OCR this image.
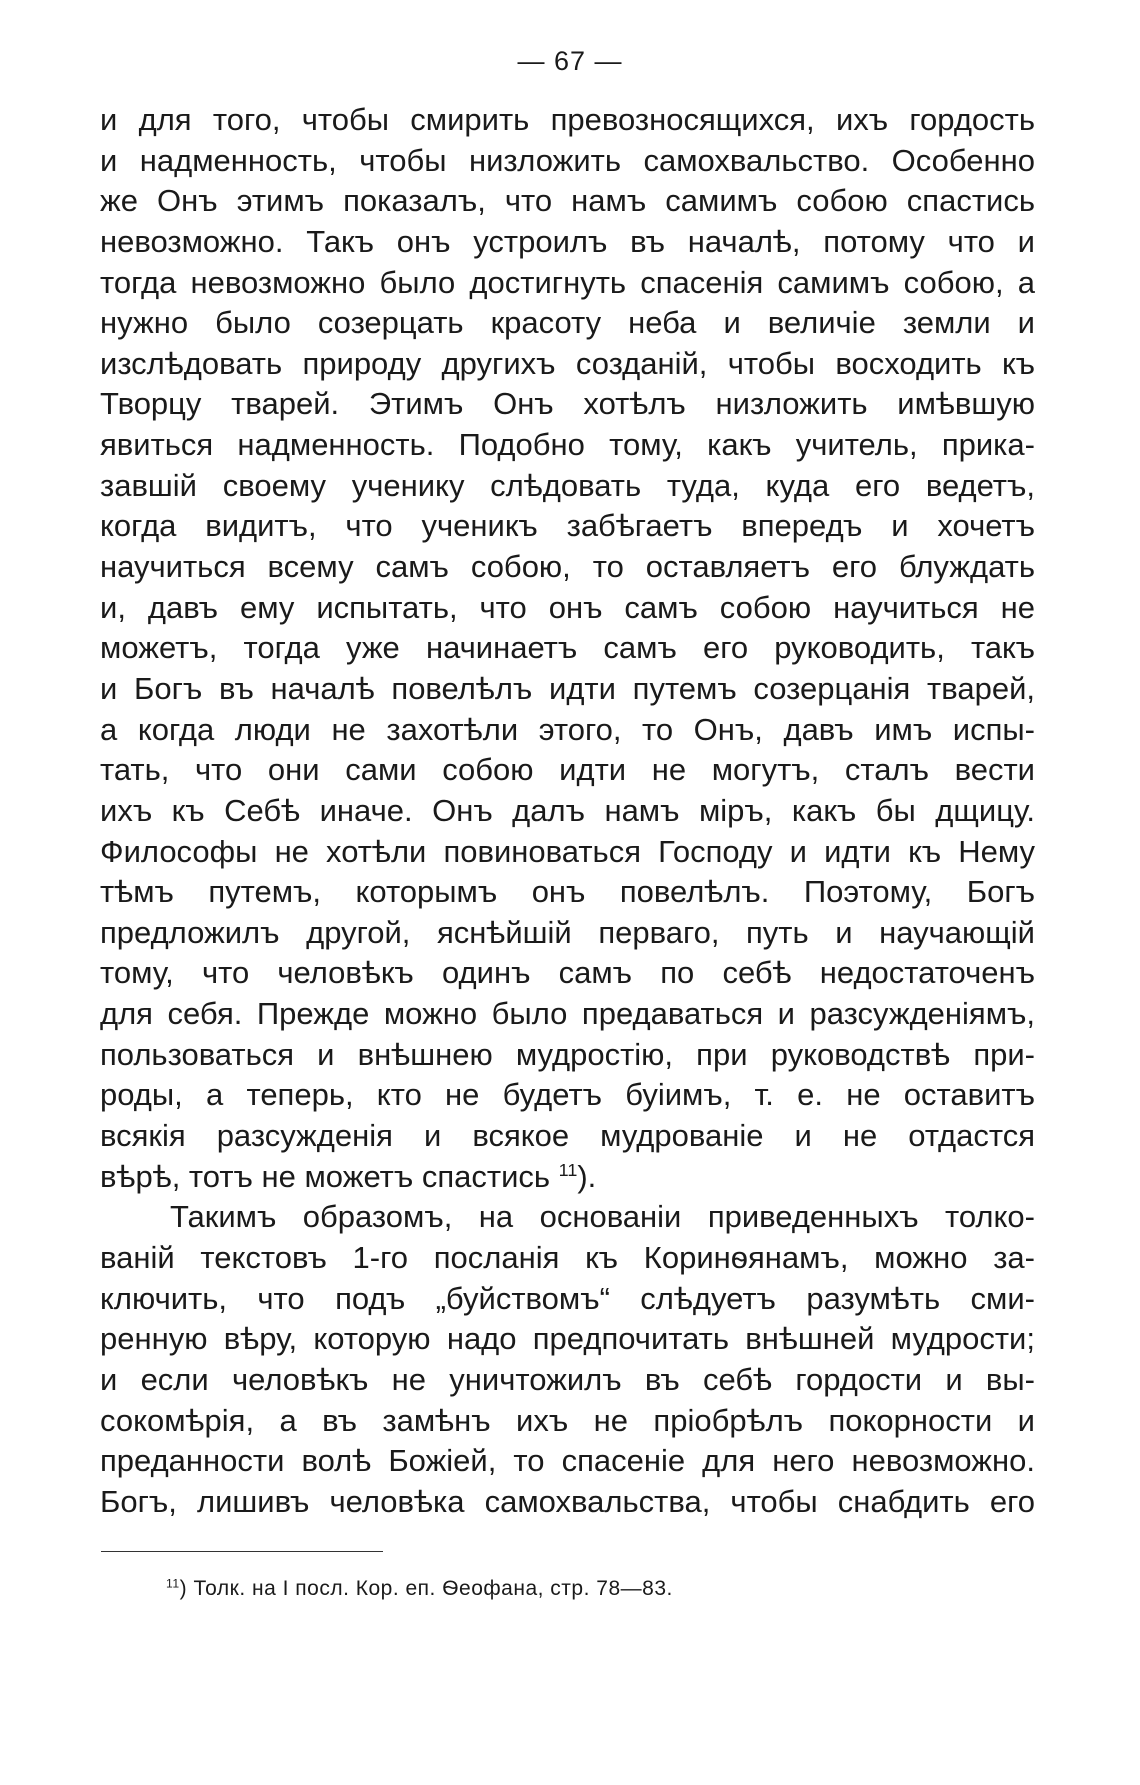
— 67 —
и для того, чтобы смирить превозносящихся, ихъ гордость
и надменность, чтобы низложить самохвальство. Особенно
же Онъ этимъ показалъ, что намъ самимъ собою спастись
невозможно. Такъ онъ устроилъ въ началѣ, потому что и
тогда невозможно было достигнуть спасенія самимъ собою, а
нужно было созерцать красоту неба и величіе земли и
изслѣдовать природу другихъ созданій, чтобы восходить къ
Творцу тварей. Этимъ Онъ хотѣлъ низложить имѣвшую
явиться надменность. Подобно тому, какъ учитель, прика-
завшій своему ученику слѣдовать туда, куда его ведетъ,
когда видитъ, что ученикъ забѣгаетъ впередъ и хочетъ
научиться всему самъ собою, то оставляетъ его блуждать
и, давъ ему испытать, что онъ самъ собою научиться не
можетъ, тогда уже начинаетъ самъ его руководить, такъ
и Богъ въ началѣ повелѣлъ идти путемъ созерцанія тварей,
а когда люди не захотѣли этого, то Онъ, давъ имъ испы-
тать, что они сами собою идти не могутъ, сталъ вести
ихъ къ Себѣ иначе. Онъ далъ намъ міръ, какъ бы дщицу.
Философы не хотѣли повиноваться Господу и идти къ Нему
тѣмъ путемъ, которымъ онъ повелѣлъ. Поэтому, Богъ
предложилъ другой, яснѣйшій перваго, путь и научающій
тому, что человѣкъ одинъ самъ по себѣ недостаточенъ
для себя. Прежде можно было предаваться и разсужденіямъ,
пользоваться и внѣшнею мудростію, при руководствѣ при-
роды, а теперь, кто не будетъ буіимъ, т. е. не оставитъ
всякія разсужденія и всякое мудрованіе и не отдастся
вѣрѣ, тотъ не можетъ спастись $^{11}$).
Такимъ образомъ, на основаніи приведенныхъ толко-
ваній текстовъ 1-го посланія къ Коринѳянамъ, можно за-
ключить, что подъ „буйствомъ“ слѣдуетъ разумѣть сми-
ренную вѣру, которую надо предпочитать внѣшней мудрости;
и если человѣкъ не уничтожилъ въ себѣ гордости и вы-
сокомѣрія, а въ замѣнъ ихъ не пріобрѣлъ покорности и
преданности волѣ Божіей, то спасеніе для него невозможно.
Богъ, лишивъ человѣка самохвальства, чтобы снабдить его
$^{11}$) Толк. на I посл. Кор. еп. Ѳеофана, стр. 78—83.
